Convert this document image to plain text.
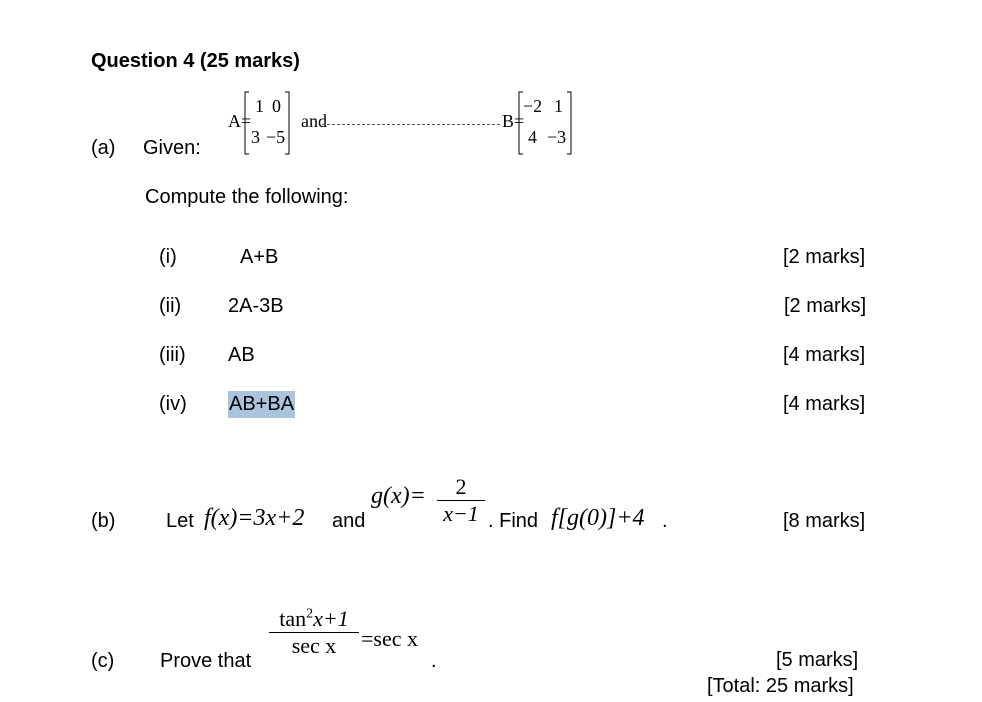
Question 4 (25 marks)
(a) Given:
A=
1 0
3 −5
and	B=
−2 1
4 −3
Compute the following:
(i)	A+B	[2 marks]
(ii) 2A-3B	[2 marks]
(iii) AB	[4 marks]
(iv) AB+BA	[4 marks]
(b)	Let f(x)=3x+2 and
g(x)=	2
x−1 . Find f[g(0)]+4 .	[8 marks]
(c) Prove that
$\tan^2x+1$
sec x	=sec x
.	[5 marks]
[Total: 25 marks]
